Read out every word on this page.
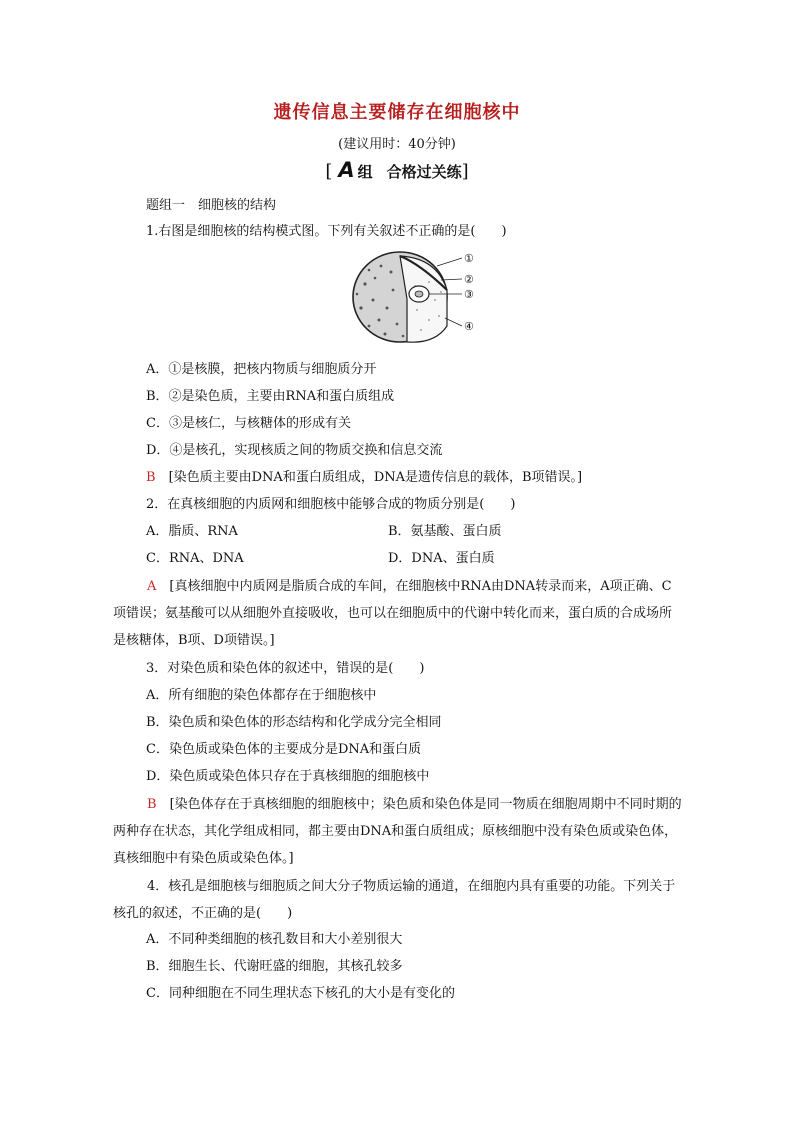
遗传信息主要储存在细胞核中
(建议用时：40分钟)
[ A 组 合格过关练]
题组一　细胞核的结构
1.右图是细胞核的结构模式图。下列有关叙述不正确的是(　　)
①
②
③
④
A．①是核膜，把核内物质与细胞质分开
B．②是染色质，主要由RNA和蛋白质组成
C．③是核仁，与核糖体的形成有关
D．④是核孔，实现核质之间的物质交换和信息交流
B  [染色质主要由DNA和蛋白质组成，DNA是遗传信息的载体，B项错误。]
2．在真核细胞的内质网和细胞核中能够合成的物质分别是(　　)
A．脂质、RNA	B．氨基酸、蛋白质
C．RNA、DNA	D．DNA、蛋白质
A  [真核细胞中内质网是脂质合成的车间，在细胞核中RNA由DNA转录而来，A项正确、C项错误；氨基酸可以从细胞外直接吸收，也可以在细胞质中的代谢中转化而来，蛋白质的合成场所是核糖体，B项、D项错误。]
3．对染色质和染色体的叙述中，错误的是(　　)
A．所有细胞的染色体都存在于细胞核中
B．染色质和染色体的形态结构和化学成分完全相同
C．染色质或染色体的主要成分是DNA和蛋白质
D．染色质或染色体只存在于真核细胞的细胞核中
B  [染色体存在于真核细胞的细胞核中；染色质和染色体是同一物质在细胞周期中不同时期的两种存在状态，其化学组成相同，都主要由DNA和蛋白质组成；原核细胞中没有染色质或染色体，真核细胞中有染色质或染色体。]
4．核孔是细胞核与细胞质之间大分子物质运输的通道，在细胞内具有重要的功能。下列关于核孔的叙述，不正确的是(　　)
A．不同种类细胞的核孔数目和大小差别很大
B．细胞生长、代谢旺盛的细胞，其核孔较多
C．同种细胞在不同生理状态下核孔的大小是有变化的
